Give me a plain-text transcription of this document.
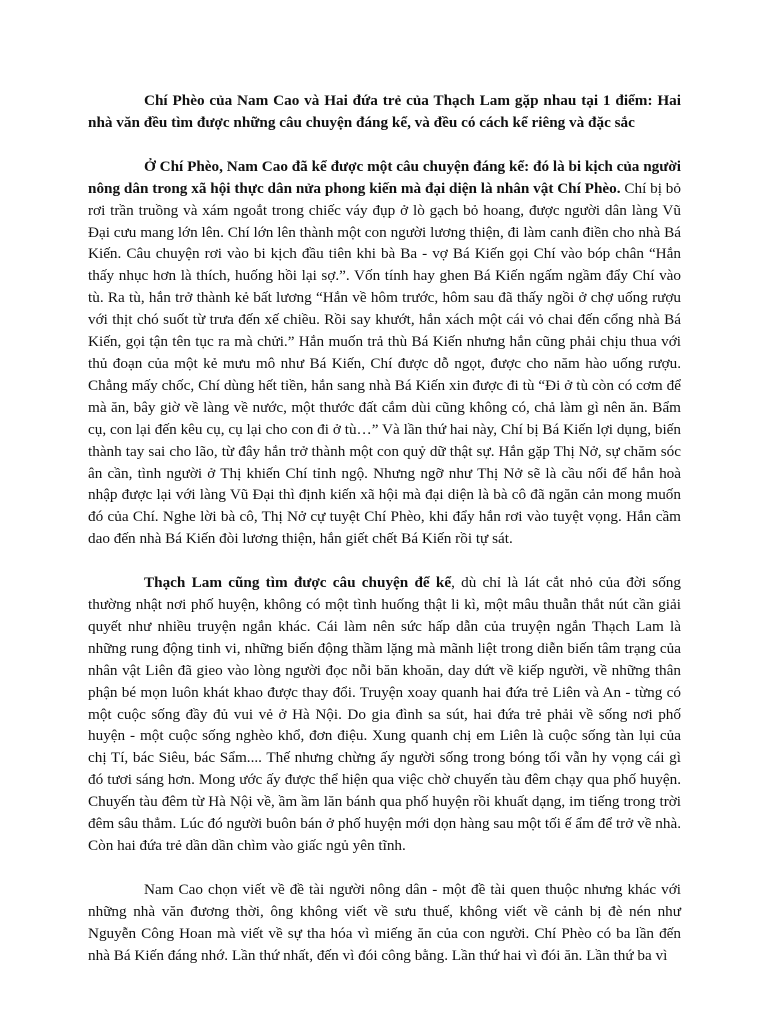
Chí Phèo của Nam Cao và Hai đứa trẻ của Thạch Lam gặp nhau tại 1 điểm: Hai nhà văn đều tìm được những câu chuyện đáng kể, và đều có cách kể riêng và đặc sắc

Ở Chí Phèo, Nam Cao đã kể được một câu chuyện đáng kể: đó là bi kịch của người nông dân trong xã hội thực dân nửa phong kiến mà đại diện là nhân vật Chí Phèo. Chí bị bỏ rơi trần truồng và xám ngoắt trong chiếc váy đụp ở lò gạch bỏ hoang, được người dân làng Vũ Đại cưu mang lớn lên. Chí lớn lên thành một con người lương thiện, đi làm canh điền cho nhà Bá Kiến. Câu chuyện rơi vào bi kịch đầu tiên khi bà Ba - vợ Bá Kiến gọi Chí vào bóp chân “Hắn thấy nhục hơn là thích, huống hồi lại sợ.”. Vốn tính hay ghen Bá Kiến ngấm ngầm đẩy Chí vào tù. Ra tù, hắn trở thành kẻ bất lương “Hắn về hôm trước, hôm sau đã thấy ngồi ở chợ uống rượu với thịt chó suốt từ trưa đến xế chiều. Rồi say khướt, hắn xách một cái vỏ chai đến cổng nhà Bá Kiến, gọi tận tên tục ra mà chửi.” Hắn muốn trả thù Bá Kiến nhưng hắn cũng phải chịu thua với thủ đoạn của một kẻ mưu mô như Bá Kiến, Chí được dỗ ngọt, được cho năm hào uống rượu. Chẳng mấy chốc, Chí dùng hết tiền, hắn sang nhà Bá Kiến xin được đi tù “Đi ở tù còn có cơm để mà ăn, bây giờ về làng về nước, một thước đất cắm dùi cũng không có, chả làm gì nên ăn. Bẩm cụ, con lại đến kêu cụ, cụ lại cho con đi ở tù…” Và lần thứ hai này, Chí bị Bá Kiến lợi dụng, biến thành tay sai cho lão, từ đây hắn trở thành một con quỷ dữ thật sự. Hắn gặp Thị Nở, sự chăm sóc ân cần, tình người ở Thị khiến Chí tỉnh ngộ. Nhưng ngỡ như Thị Nở sẽ là cầu nối để hắn hoà nhập được lại với làng Vũ Đại thì định kiến xã hội mà đại diện là bà cô đã ngăn cản mong muốn đó của Chí. Nghe lời bà cô, Thị Nở cự tuyệt Chí Phèo, khi đẩy hắn rơi vào tuyệt vọng. Hắn cầm dao đến nhà Bá Kiến đòi lương thiện, hắn giết chết Bá Kiến rồi tự sát.

Thạch Lam cũng tìm được câu chuyện để kể, dù chỉ là lát cắt nhỏ của đời sống thường nhật nơi phố huyện, không có một tình huống thật li kì, một mâu thuẫn thắt nút cần giải quyết như nhiều truyện ngắn khác. Cái làm nên sức hấp dẫn của truyện ngắn Thạch Lam là những rung động tinh vi, những biến động thầm lặng mà mãnh liệt trong diễn biến tâm trạng của nhân vật Liên đã gieo vào lòng người đọc nỗi băn khoăn, day dứt về kiếp người, về những thân phận bé mọn luôn khát khao được thay đổi. Truyện xoay quanh hai đứa trẻ Liên và An - từng có một cuộc sống đầy đủ vui vẻ ở Hà Nội. Do gia đình sa sút, hai đứa trẻ phải về sống nơi phố huyện - một cuộc sống nghèo khổ, đơn điệu. Xung quanh chị em Liên là cuộc sống tàn lụi của chị Tí, bác Siêu, bác Sẩm.... Thế nhưng chừng ấy người sống trong bóng tối vẫn hy vọng cái gì đó tươi sáng hơn. Mong ước ấy được thể hiện qua việc chờ chuyến tàu đêm chạy qua phố huyện. Chuyến tàu đêm từ Hà Nội về, ầm ầm lăn bánh qua phố huyện rồi khuất dạng, im tiếng trong trời đêm sâu thẳm. Lúc đó người buôn bán ở phố huyện mới dọn hàng sau một tối ế ẩm để trở về nhà. Còn hai đứa trẻ dần dần chìm vào giấc ngủ yên tĩnh.

Nam Cao chọn viết về đề tài người nông dân - một đề tài quen thuộc nhưng khác với những nhà văn đương thời, ông không viết về sưu thuế, không viết về cảnh bị đè nén như Nguyễn Công Hoan mà viết về sự tha hóa vì miếng ăn của con người. Chí Phèo có ba lần đến nhà Bá Kiến đáng nhớ. Lần thứ nhất, đến vì đói công bằng. Lần thứ hai vì đói ăn. Lần thứ ba vì
